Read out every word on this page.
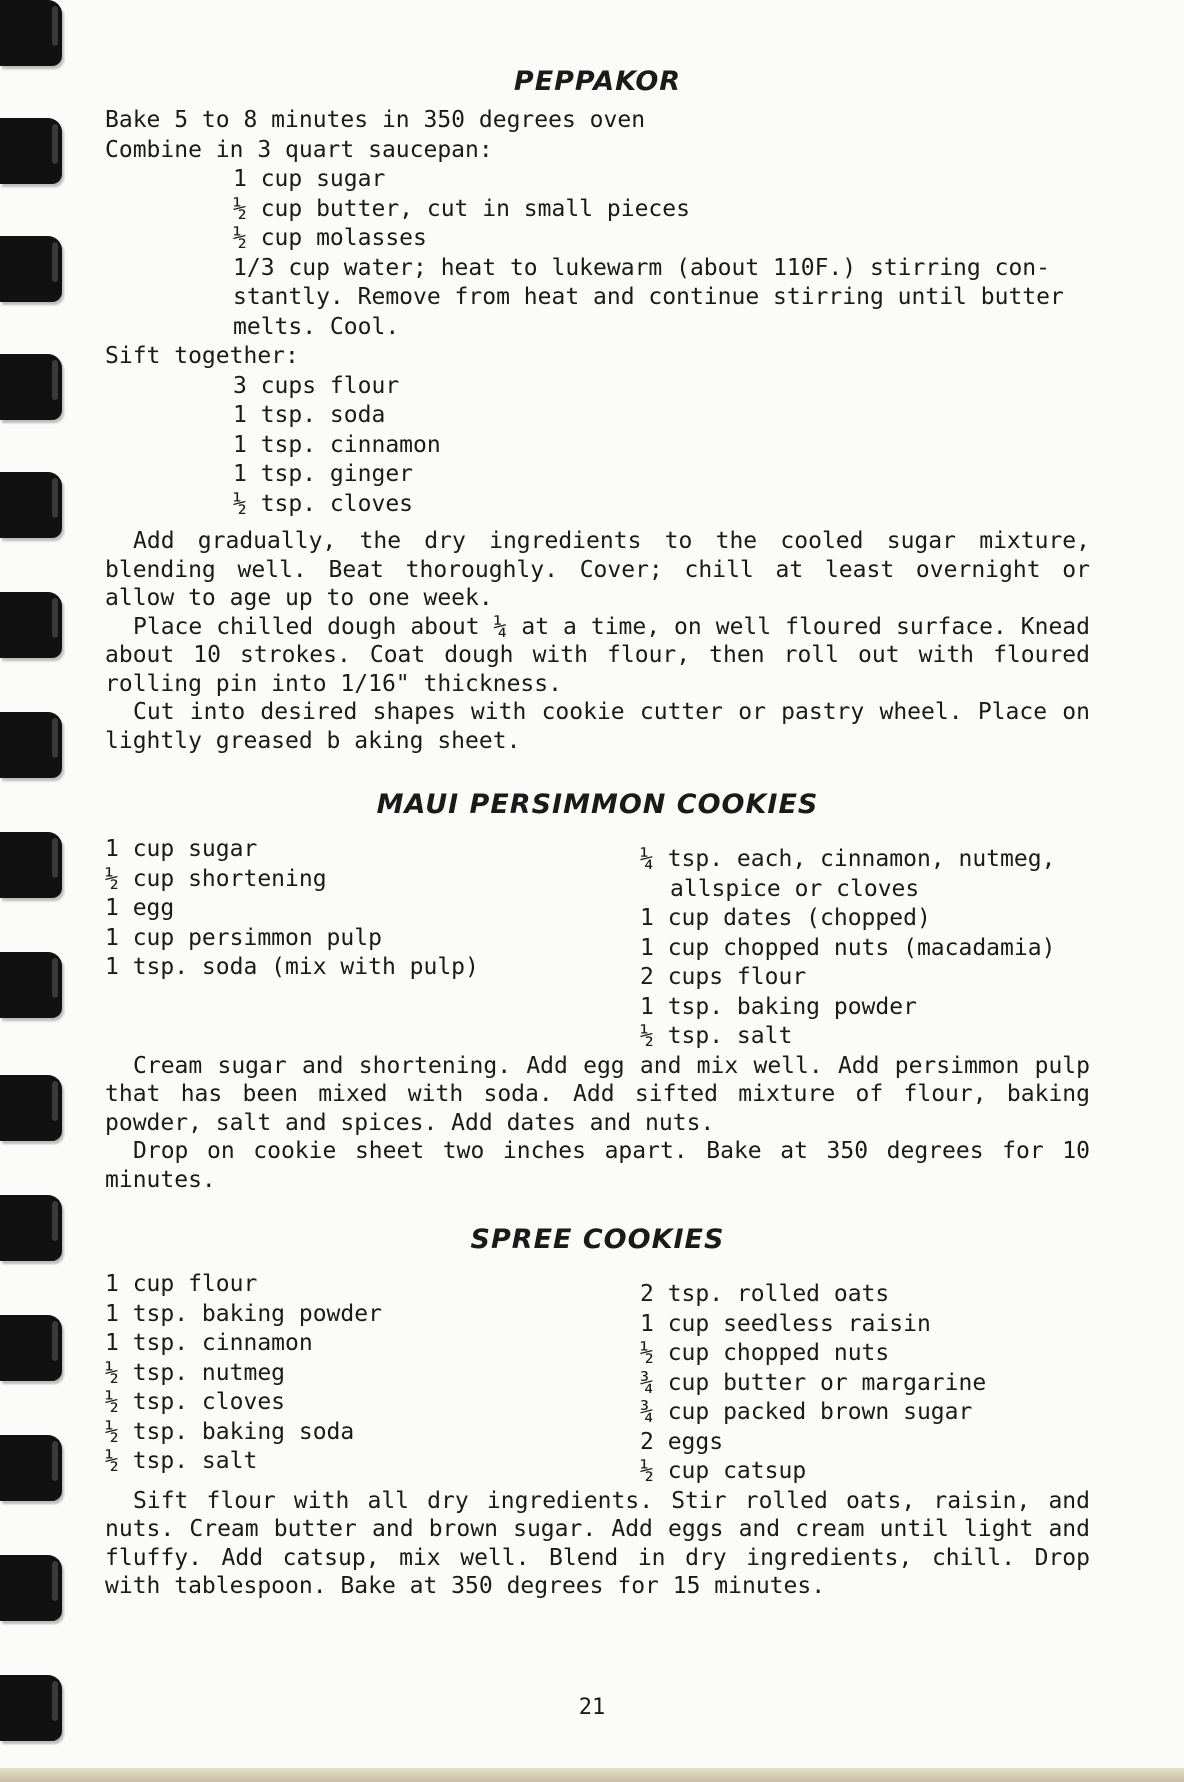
PEPPAKOR
Bake 5 to 8 minutes in 350 degrees oven
Combine in 3 quart saucepan:
1 cup sugar
½ cup butter, cut in small pieces
½ cup molasses
1/3 cup water; heat to lukewarm (about 110F.) stirring con-
stantly. Remove from heat and continue stirring until butter
melts. Cool.
Sift together:
3 cups flour
1 tsp. soda
1 tsp. cinnamon
1 tsp. ginger
½ tsp. cloves

Add gradually, the dry ingredients to the cooled sugar mixture, blending well. Beat thoroughly. Cover; chill at least overnight or allow to age up to one week.

Place chilled dough about ¼ at a time, on well floured surface. Knead about 10 strokes. Coat dough with flour, then roll out with floured rolling pin into 1/16" thickness.

Cut into desired shapes with cookie cutter or pastry wheel. Place on lightly greased b aking sheet.

MAUI PERSIMMON COOKIES
1 cup sugar
½ cup shortening
1 egg
1 cup persimmon pulp
1 tsp. soda (mix with pulp)
¼ tsp. each, cinnamon, nutmeg, allspice or cloves
1 cup dates (chopped)
1 cup chopped nuts (macadamia)
2 cups flour
1 tsp. baking powder
½ tsp. salt

Cream sugar and shortening. Add egg and mix well. Add persimmon pulp that has been mixed with soda. Add sifted mixture of flour, baking powder, salt and spices. Add dates and nuts.

Drop on cookie sheet two inches apart. Bake at 350 degrees for 10 minutes.

SPREE COOKIES
1 cup flour
1 tsp. baking powder
1 tsp. cinnamon
½ tsp. nutmeg
½ tsp. cloves
½ tsp. baking soda
½ tsp. salt
2 tsp. rolled oats
1 cup seedless raisin
½ cup chopped nuts
¾ cup butter or margarine
¾ cup packed brown sugar
2 eggs
½ cup catsup

Sift flour with all dry ingredients. Stir rolled oats, raisin, and nuts. Cream butter and brown sugar. Add eggs and cream until light and fluffy. Add catsup, mix well. Blend in dry ingredients, chill. Drop with tablespoon. Bake at 350 degrees for 15 minutes.

21
